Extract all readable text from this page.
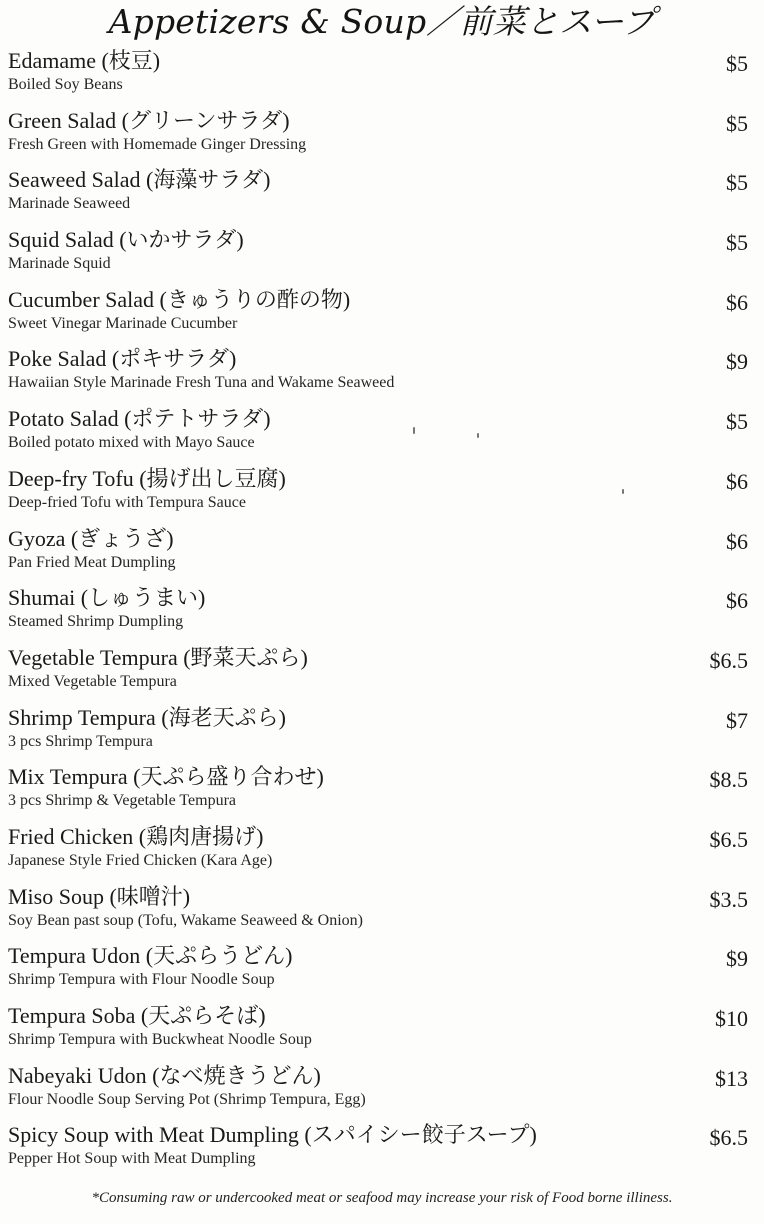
Appetizers & Soup／前菜とスープ
Edamame (枝豆)
Boiled Soy Beans
$5
Green Salad (グリーンサラダ)
Fresh Green with Homemade Ginger Dressing
$5
Seaweed Salad (海藻サラダ)
Marinade Seaweed
$5
Squid Salad (いかサラダ)
Marinade Squid
$5
Cucumber Salad (きゅうりの酢の物)
Sweet Vinegar Marinade Cucumber
$6
Poke Salad (ポキサラダ)
Hawaiian Style Marinade Fresh Tuna and Wakame Seaweed
$9
Potato Salad (ポテトサラダ)
Boiled potato mixed with Mayo Sauce
$5
Deep-fry Tofu (揚げ出し豆腐)
Deep-fried Tofu with Tempura Sauce
$6
Gyoza (ぎょうざ)
Pan Fried Meat Dumpling
$6
Shumai (しゅうまい)
Steamed Shrimp Dumpling
$6
Vegetable Tempura (野菜天ぷら)
Mixed Vegetable Tempura
$6.5
Shrimp Tempura (海老天ぷら)
3 pcs Shrimp Tempura
$7
Mix Tempura (天ぷら盛り合わせ)
3 pcs Shrimp & Vegetable Tempura
$8.5
Fried Chicken (鶏肉唐揚げ)
Japanese Style Fried Chicken (Kara Age)
$6.5
Miso Soup (味噌汁)
Soy Bean past soup (Tofu, Wakame Seaweed & Onion)
$3.5
Tempura Udon (天ぷらうどん)
Shrimp Tempura with Flour Noodle Soup
$9
Tempura Soba (天ぷらそば)
Shrimp Tempura with Buckwheat Noodle Soup
$10
Nabeyaki Udon (なべ焼きうどん)
Flour Noodle Soup Serving Pot (Shrimp Tempura, Egg)
$13
Spicy Soup with Meat Dumpling (スパイシー餃子スープ)
Pepper Hot Soup with Meat Dumpling
$6.5
*Consuming raw or undercooked meat or seafood may increase your risk of Food borne illiness.
